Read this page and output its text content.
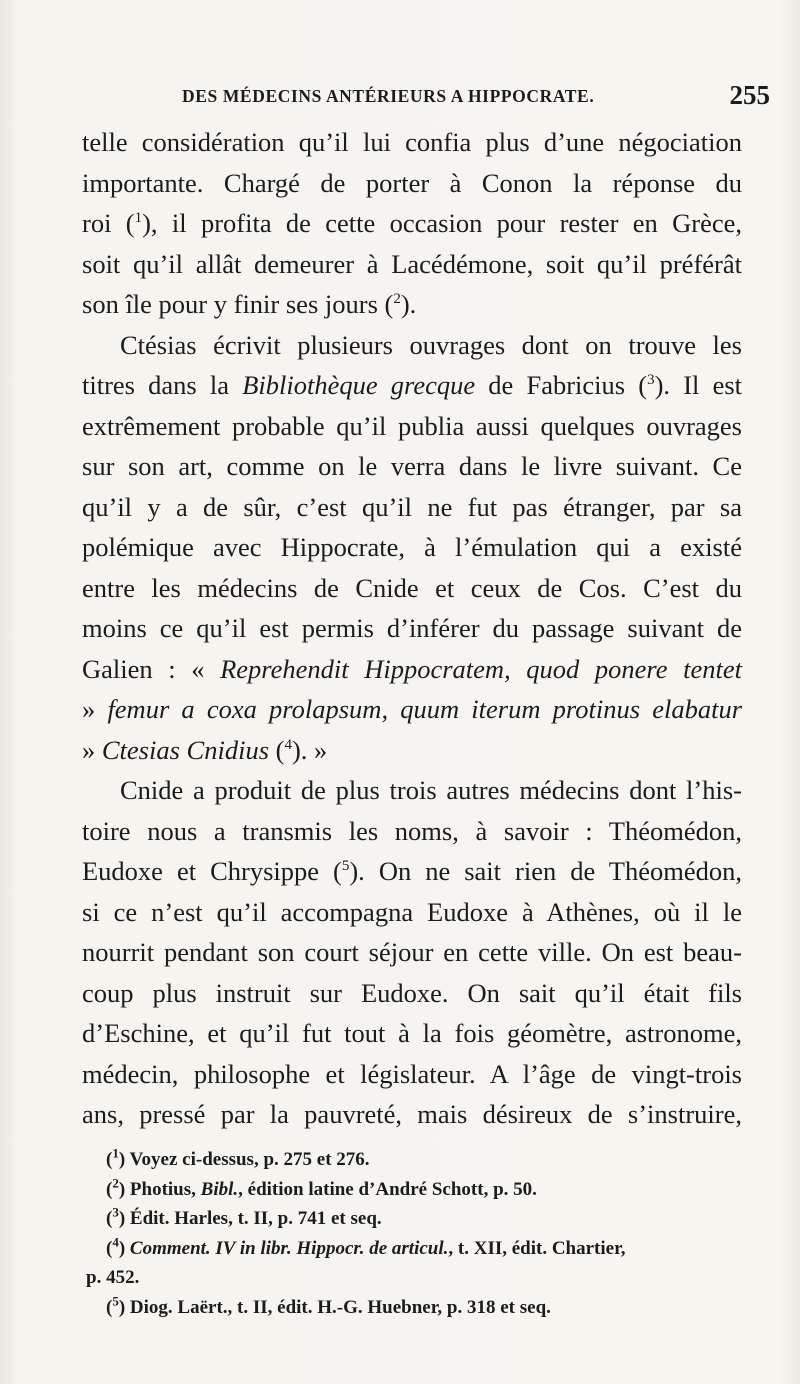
DES MÉDECINS ANTÉRIEURS A HIPPOCRATE.	255
telle considération qu’il lui confia plus d’une négociation
importante. Chargé de porter à Conon la réponse du
roi ($^1$), il profita de cette occasion pour rester en Grèce,
soit qu’il allât demeurer à Lacédémone, soit qu’il préférât
son île pour y finir ses jours ($^2$).
Ctésias écrivit plusieurs ouvrages dont on trouve les
titres dans la Bibliothèque grecque de Fabricius ($^3$). Il est
extrêmement probable qu’il publia aussi quelques ouvrages
sur son art, comme on le verra dans le livre suivant. Ce
qu’il y a de sûr, c’est qu’il ne fut pas étranger, par sa
polémique avec Hippocrate, à l’émulation qui a existé
entre les médecins de Cnide et ceux de Cos. C’est du
moins ce qu’il est permis d’inférer du passage suivant de
Galien : « Reprehendit Hippocratem, quod ponere tentet
» femur a coxa prolapsum, quum iterum protinus elabatur
» Ctesias Cnidius ($^4$). »
Cnide a produit de plus trois autres médecins dont l’his-
toire nous a transmis les noms, à savoir : Théomédon,
Eudoxe et Chrysippe ($^5$). On ne sait rien de Théomédon,
si ce n’est qu’il accompagna Eudoxe à Athènes, où il le
nourrit pendant son court séjour en cette ville. On est beau-
coup plus instruit sur Eudoxe. On sait qu’il était fils
d’Eschine, et qu’il fut tout à la fois géomètre, astronome,
médecin, philosophe et législateur. A l’âge de vingt-trois
ans, pressé par la pauvreté, mais désireux de s’instruire,
($^1$) Voyez ci-dessus, p. 275 et 276.
($^2$) Photius, Bibl., édition latine d’André Schott, p. 50.
($^3$) Édit. Harles, t. II, p. 741 et seq.
($^4$) Comment. IV in libr. Hippocr. de articul., t. XII, édit. Chartier,
p. 452.
($^5$) Diog. Laërt., t. II, édit. H.-G. Huebner, p. 318 et seq.
